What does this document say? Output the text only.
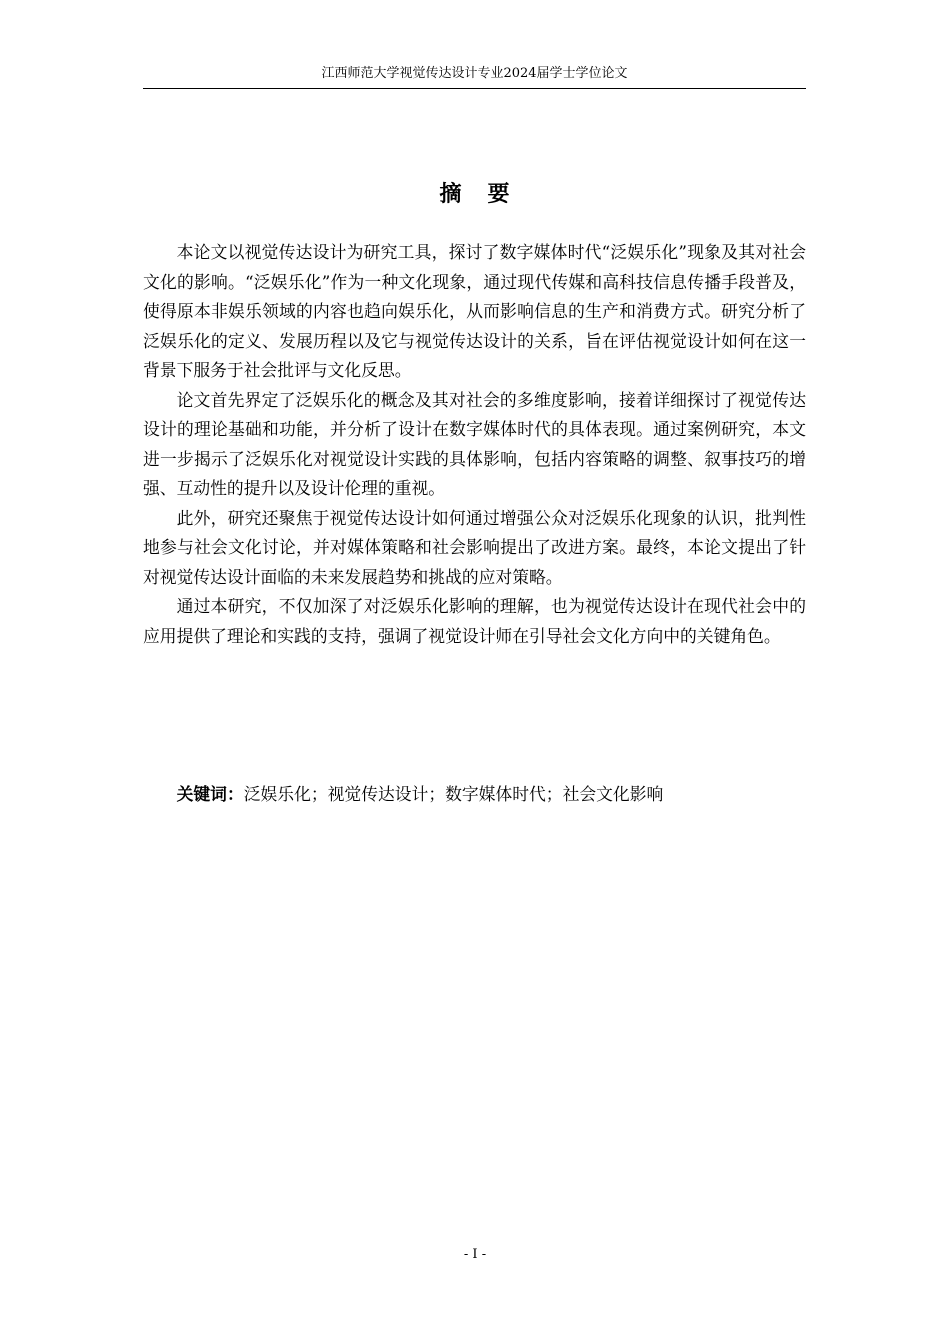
江西师范大学视觉传达设计专业2024届学士学位论文
摘要

本论文以视觉传达设计为研究工具，探讨了数字媒体时代“泛娱乐化”现象及其对社会文化的影响。“泛娱乐化”作为一种文化现象，通过现代传媒和高科技信息传播手段普及，使得原本非娱乐领域的内容也趋向娱乐化，从而影响信息的生产和消费方式。研究分析了泛娱乐化的定义、发展历程以及它与视觉传达设计的关系，旨在评估视觉设计如何在这一背景下服务于社会批评与文化反思。

论文首先界定了泛娱乐化的概念及其对社会的多维度影响，接着详细探讨了视觉传达设计的理论基础和功能，并分析了设计在数字媒体时代的具体表现。通过案例研究，本文进一步揭示了泛娱乐化对视觉设计实践的具体影响，包括内容策略的调整、叙事技巧的增强、互动性的提升以及设计伦理的重视。

此外，研究还聚焦于视觉传达设计如何通过增强公众对泛娱乐化现象的认识，批判性地参与社会文化讨论，并对媒体策略和社会影响提出了改进方案。最终，本论文提出了针对视觉传达设计面临的未来发展趋势和挑战的应对策略。

通过本研究，不仅加深了对泛娱乐化影响的理解，也为视觉传达设计在现代社会中的应用提供了理论和实践的支持，强调了视觉设计师在引导社会文化方向中的关键角色。

关键词：泛娱乐化；视觉传达设计；数字媒体时代；社会文化影响
- I -
